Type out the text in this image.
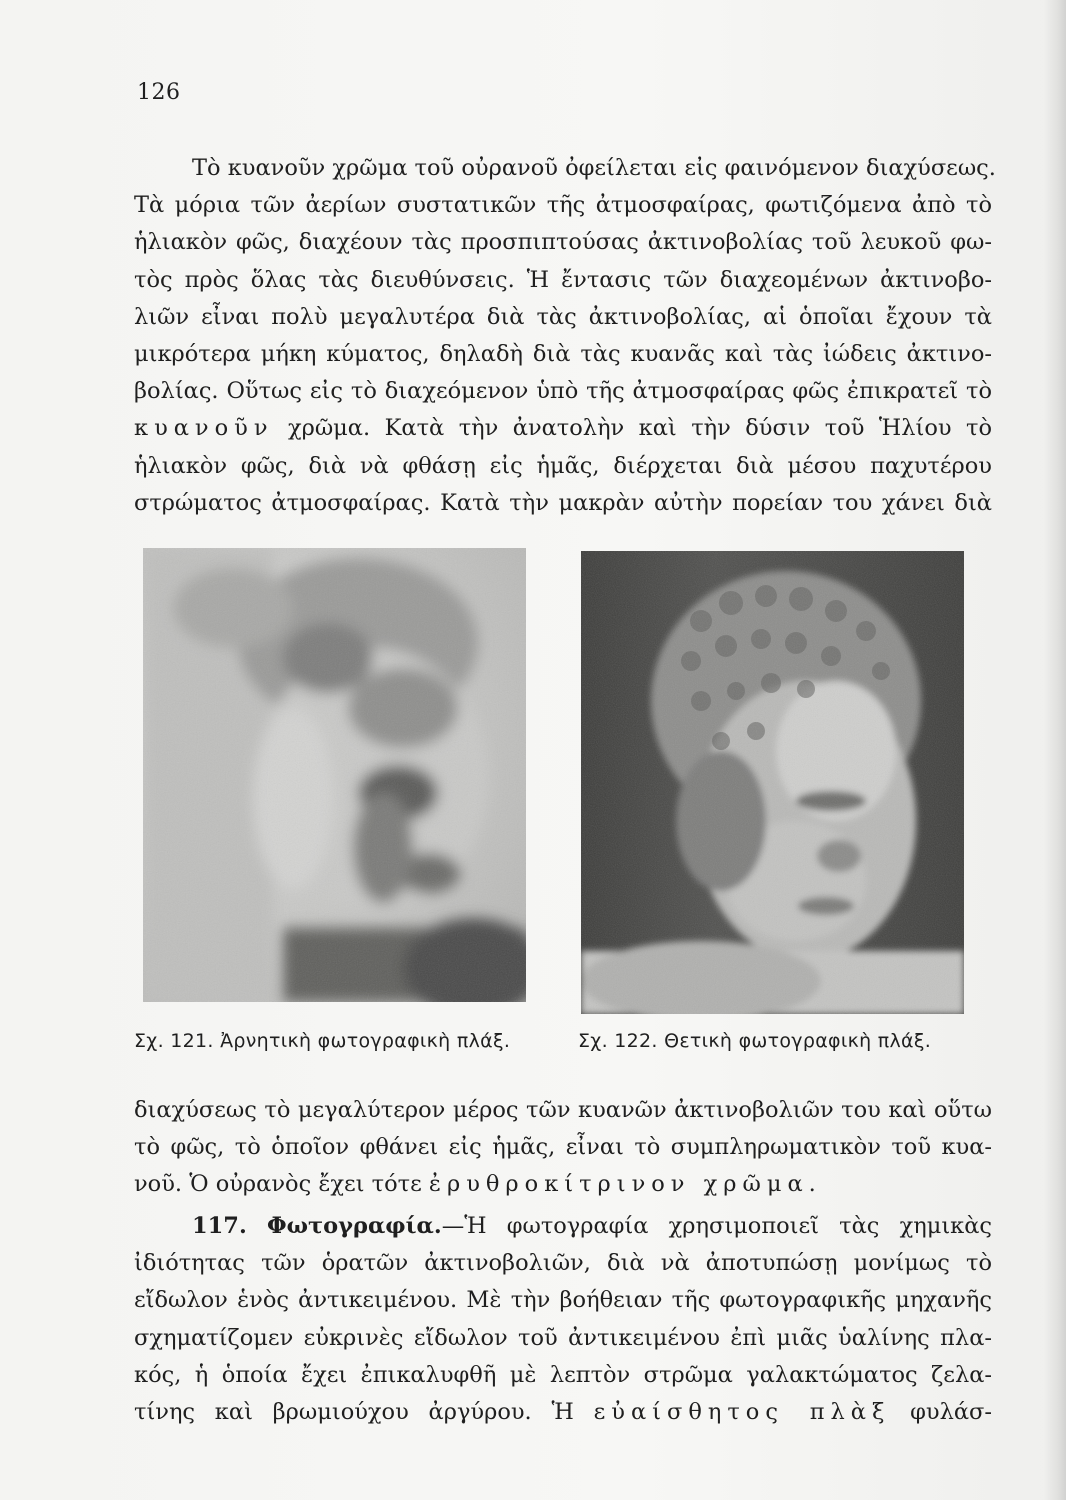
126
Τὸ κυανοῦν χρῶμα τοῦ οὐρανοῦ ὀφείλεται εἰς φαινόμενον διαχύσεως.
Τὰ μόρια τῶν ἀερίων συστατικῶν τῆς ἀτμοσφαίρας, φωτιζόμενα ἀπὸ τὸ
ἡλιακὸν φῶς, διαχέουν τὰς προσπιπτούσας ἀκτινοβολίας τοῦ λευκοῦ φω-
τὸς πρὸς ὅλας τὰς διευθύνσεις. Ἡ ἔντασις τῶν διαχεομένων ἀκτινοβο-
λιῶν εἶναι πολὺ μεγαλυτέρα διὰ τὰς ἀκτινοβολίας, αἱ ὁποῖαι ἔχουν τὰ
μικρότερα μήκη κύματος, δηλαδὴ διὰ τὰς κυανᾶς καὶ τὰς ἰώδεις ἀκτινο-
βολίας. Οὕτως εἰς τὸ διαχεόμενον ὑπὸ τῆς ἀτμοσφαίρας φῶς ἐπικρατεῖ τὸ
κυανοῦν χρῶμα. Κατὰ τὴν ἀνατολὴν καὶ τὴν δύσιν τοῦ Ἡλίου τὸ
ἡλιακὸν φῶς, διὰ νὰ φθάσῃ εἰς ἡμᾶς, διέρχεται διὰ μέσου παχυτέρου
στρώματος ἀτμοσφαίρας. Κατὰ τὴν μακρὰν αὐτὴν πορείαν του χάνει διὰ
Σχ. 121. Ἀρνητικὴ φωτογραφικὴ πλάξ.	Σχ. 122. Θετικὴ φωτογραφικὴ πλάξ.
διαχύσεως τὸ μεγαλύτερον μέρος τῶν κυανῶν ἀκτινοβολιῶν του καὶ οὕτω
τὸ φῶς, τὸ ὁποῖον φθάνει εἰς ἡμᾶς, εἶναι τὸ συμπληρωματικὸν τοῦ κυα-
νοῦ. Ὁ οὐρανὸς ἔχει τότε ἐρυθροκίτρινον χρῶμα.
117. Φωτογραφία.—Ἡ φωτογραφία χρησιμοποιεῖ τὰς χημικὰς
ἰδιότητας τῶν ὁρατῶν ἀκτινοβολιῶν, διὰ νὰ ἀποτυπώσῃ μονίμως τὸ
εἴδωλον ἑνὸς ἀντικειμένου. Μὲ τὴν βοήθειαν τῆς φωτογραφικῆς μηχανῆς
σχηματίζομεν εὐκρινὲς εἴδωλον τοῦ ἀντικειμένου ἐπὶ μιᾶς ὑαλίνης πλα-
κός, ἡ ὁποία ἔχει ἐπικαλυφθῆ μὲ λεπτὸν στρῶμα γαλακτώματος ζελα-
τίνης καὶ βρωμιούχου ἀργύρου. Ἡ εὐαίσθητος πλὰξ φυλάσ-
